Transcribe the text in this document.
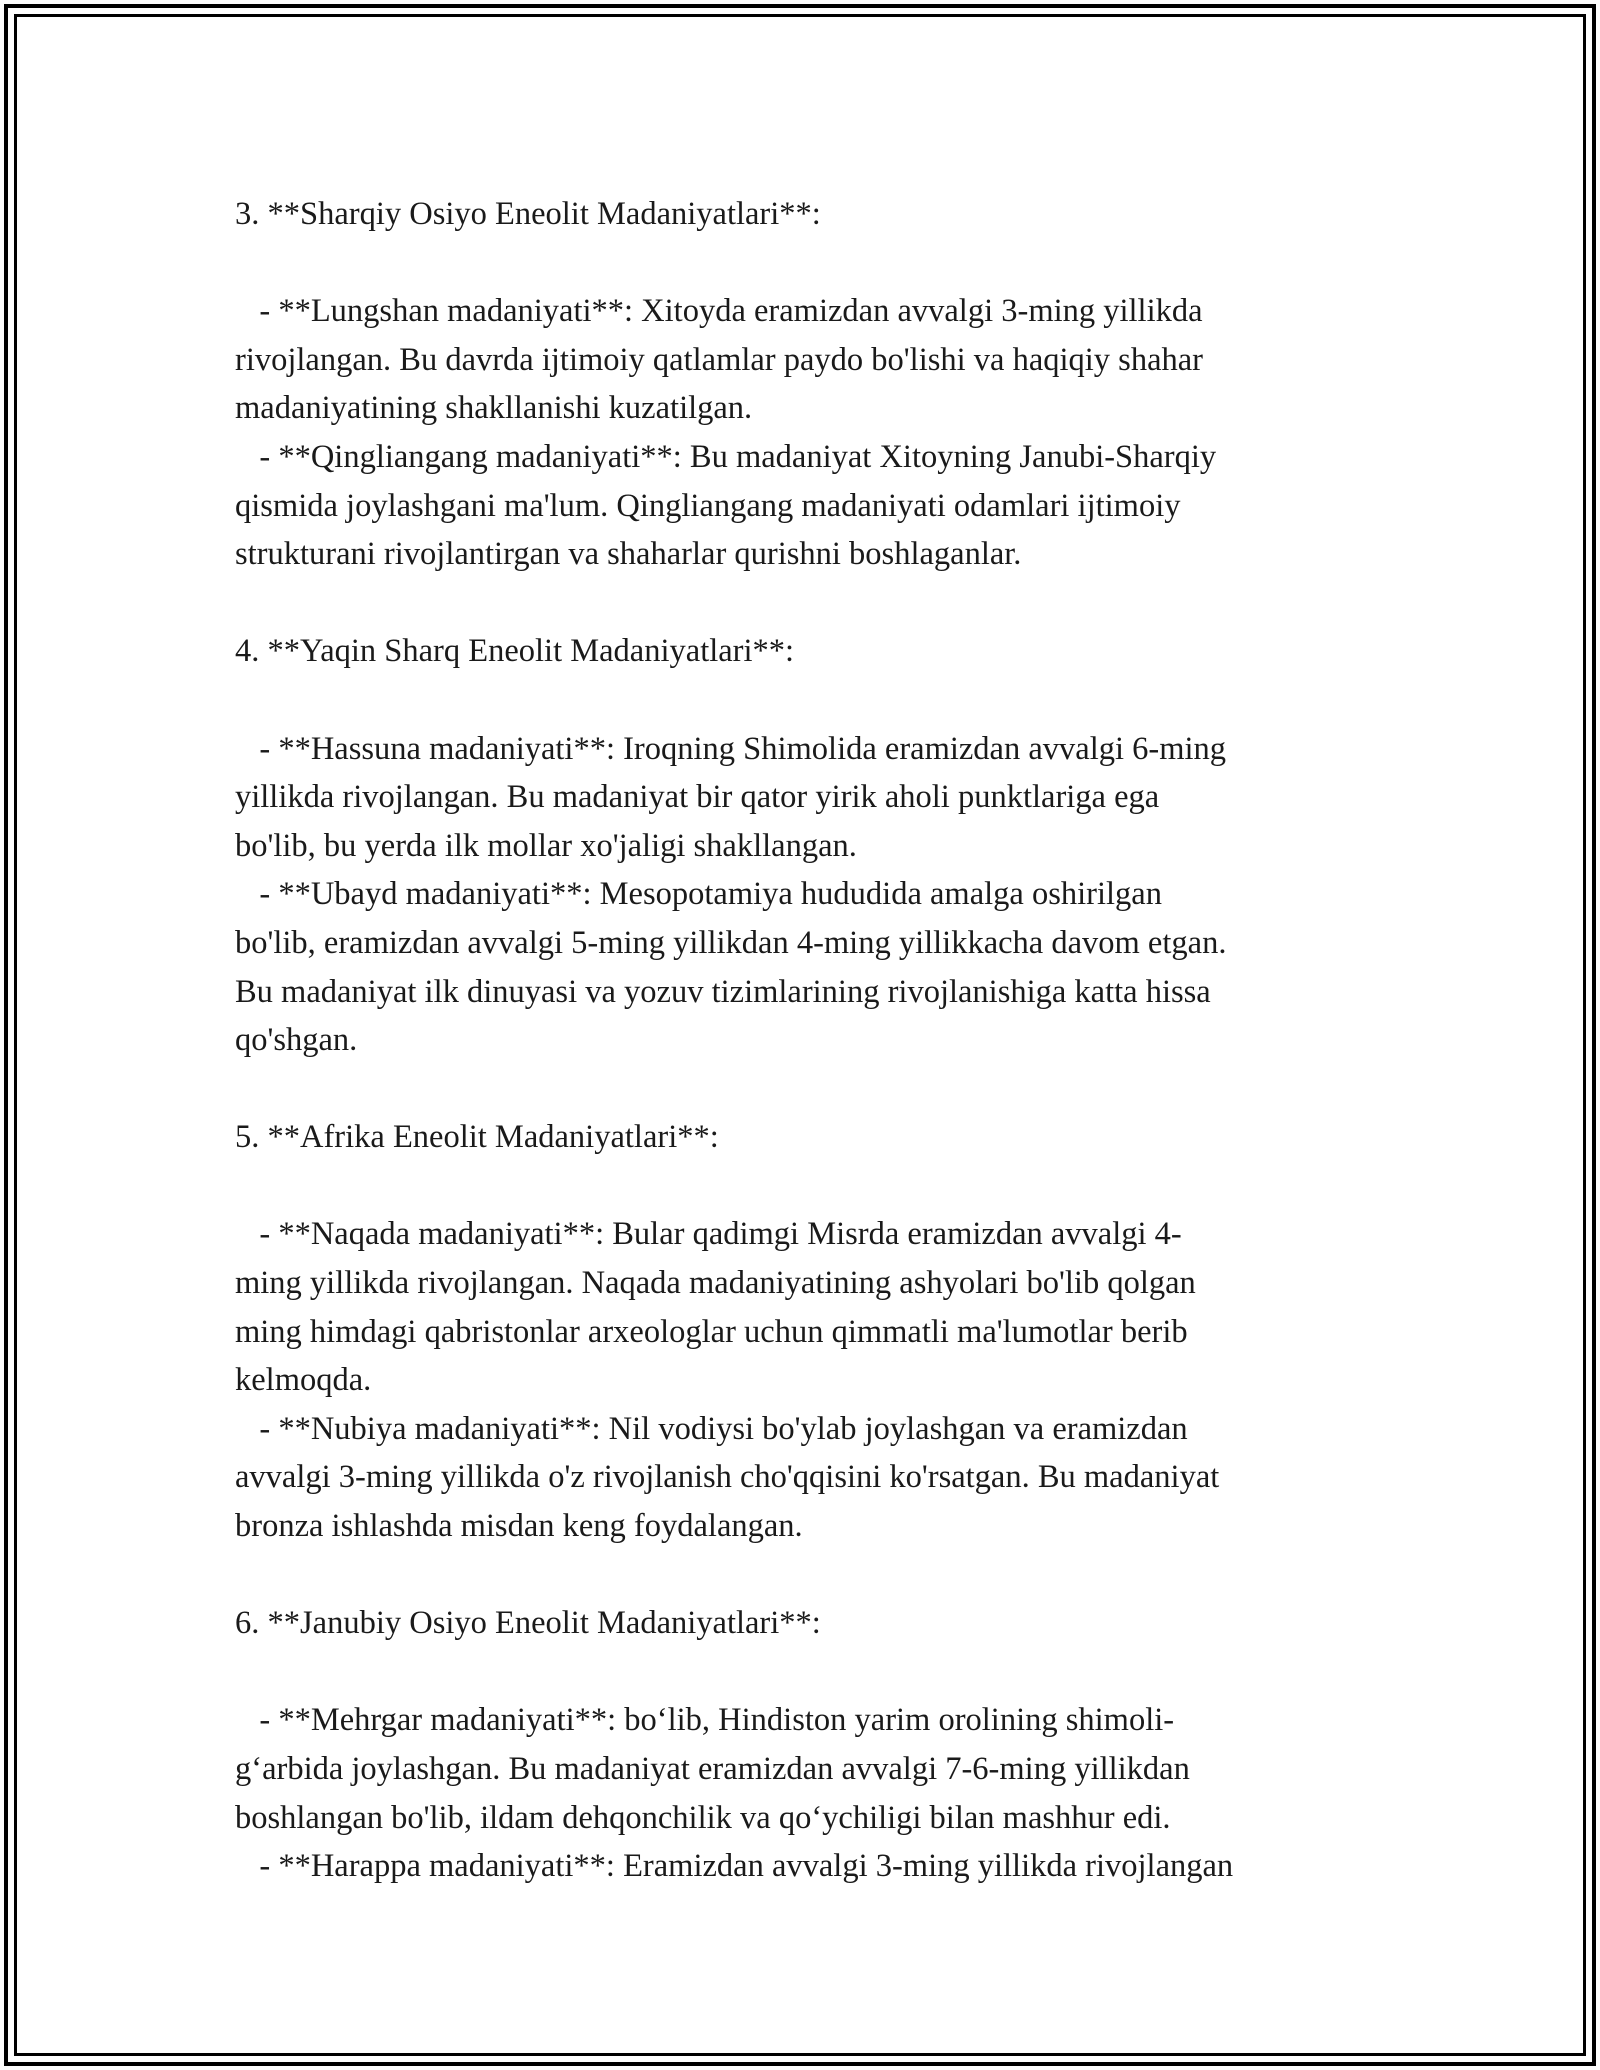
3. **Sharqiy Osiyo Eneolit Madaniyatlari**:
- **Lungshan madaniyati**: Xitoyda eramizdan avvalgi 3-ming yillikda
rivojlangan. Bu davrda ijtimoiy qatlamlar paydo bo'lishi va haqiqiy shahar
madaniyatining shakllanishi kuzatilgan.
- **Qingliangang madaniyati**: Bu madaniyat Xitoyning Janubi-Sharqiy
qismida joylashgani ma'lum. Qingliangang madaniyati odamlari ijtimoiy
strukturani rivojlantirgan va shaharlar qurishni boshlaganlar.
4. **Yaqin Sharq Eneolit Madaniyatlari**:
- **Hassuna madaniyati**: Iroqning Shimolida eramizdan avvalgi 6-ming
yillikda rivojlangan. Bu madaniyat bir qator yirik aholi punktlariga ega
bo'lib, bu yerda ilk mollar xo'jaligi shakllangan.
- **Ubayd madaniyati**: Mesopotamiya hududida amalga oshirilgan
bo'lib, eramizdan avvalgi 5-ming yillikdan 4-ming yillikkacha davom etgan.
Bu madaniyat ilk dinuyasi va yozuv tizimlarining rivojlanishiga katta hissa
qo'shgan.
5. **Afrika Eneolit Madaniyatlari**:
- **Naqada madaniyati**: Bular qadimgi Misrda eramizdan avvalgi 4-
ming yillikda rivojlangan. Naqada madaniyatining ashyolari bo'lib qolgan
ming himdagi qabristonlar arxeologlar uchun qimmatli ma'lumotlar berib
kelmoqda.
- **Nubiya madaniyati**: Nil vodiysi bo'ylab joylashgan va eramizdan
avvalgi 3-ming yillikda o'z rivojlanish cho'qqisini ko'rsatgan. Bu madaniyat
bronza ishlashda misdan keng foydalangan.
6. **Janubiy Osiyo Eneolit Madaniyatlari**:
- **Mehrgar madaniyati**: bo‘lib, Hindiston yarim orolining shimoli-
g‘arbida joylashgan. Bu madaniyat eramizdan avvalgi 7-6-ming yillikdan
boshlangan bo'lib, ildam dehqonchilik va qo‘ychiligi bilan mashhur edi.
- **Harappa madaniyati**: Eramizdan avvalgi 3-ming yillikda rivojlangan
